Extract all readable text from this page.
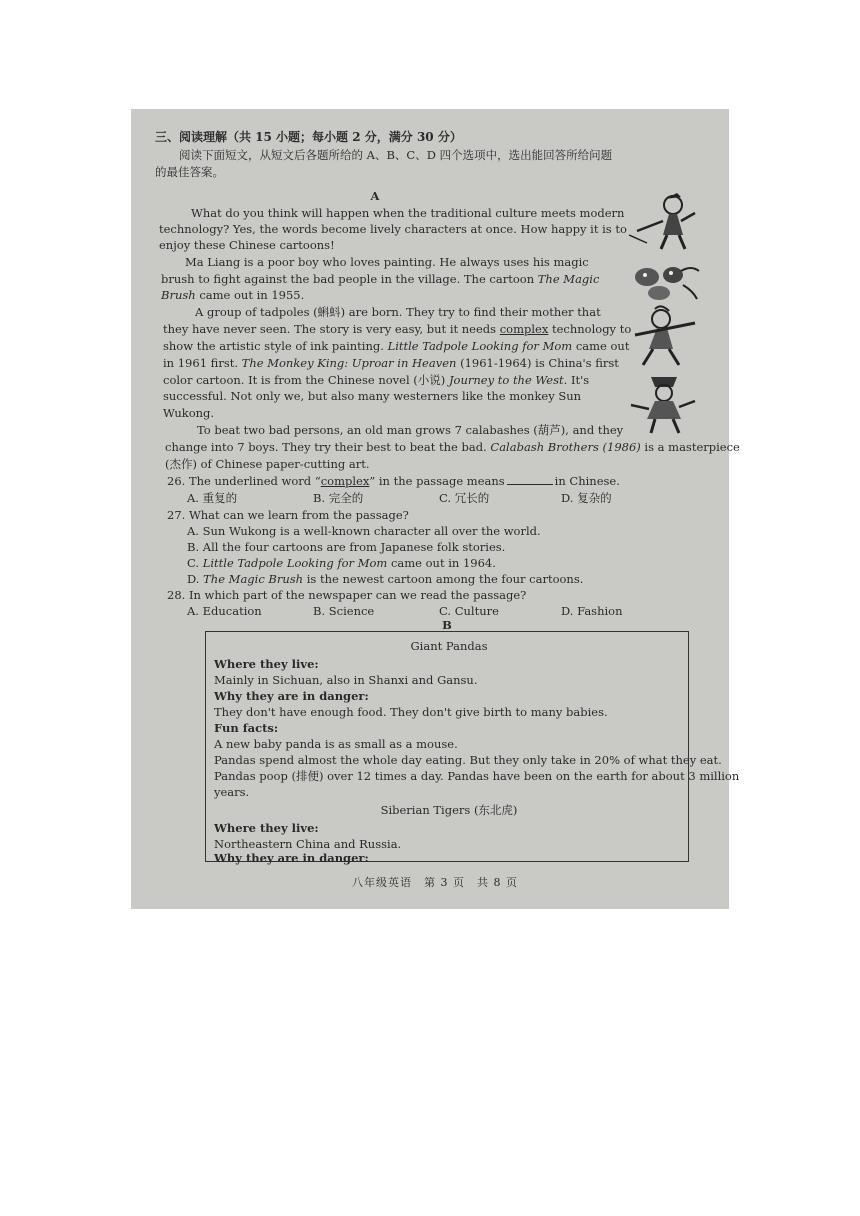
三、阅读理解（共 15 小题；每小题 2 分，满分 30 分）
阅读下面短文，从短文后各题所给的 A、B、C、D 四个选项中，选出能回答所给问题
的最佳答案。
A
What do you think will happen when the traditional culture meets modern
technology? Yes, the words become lively characters at once. How happy it is to
enjoy these Chinese cartoons!
Ma Liang is a poor boy who loves painting. He always uses his magic
brush to fight against the bad people in the village. The cartoon The Magic
Brush came out in 1955.
A group of tadpoles (蝌蚪) are born. They try to find their mother that
they have never seen. The story is very easy, but it needs complex technology to
show the artistic style of ink painting. Little Tadpole Looking for Mom came out
in 1961 first. The Monkey King: Uproar in Heaven (1961-1964) is China's first
color cartoon. It is from the Chinese novel (小说) Journey to the West. It's
successful. Not only we, but also many westerners like the monkey Sun
Wukong.
To beat two bad persons, an old man grows 7 calabashes (葫芦), and they
change into 7 boys. They try their best to beat the bad. Calabash Brothers (1986) is a masterpiece
(杰作) of Chinese paper-cutting art.
26. The underlined word “complex” in the passage means	in Chinese.
A. 重复的	B. 完全的	C. 冗长的	D. 复杂的
27. What can we learn from the passage?
A. Sun Wukong is a well-known character all over the world.
B. All the four cartoons are from Japanese folk stories.
C. Little Tadpole Looking for Mom came out in 1964.
D. The Magic Brush is the newest cartoon among the four cartoons.
28. In which part of the newspaper can we read the passage?
A. Education	B. Science	C. Culture	D. Fashion
B
Giant Pandas
Where they live:
Mainly in Sichuan, also in Shanxi and Gansu.
Why they are in danger:
They don't have enough food. They don't give birth to many babies.
Fun facts:
A new baby panda is as small as a mouse.
Pandas spend almost the whole day eating. But they only take in 20% of what they eat.
Pandas poop (排便) over 12 times a day. Pandas have been on the earth for about 3 million
years.
Siberian Tigers (东北虎)
Where they live:
Northeastern China and Russia.
Why they are in danger:
八年级英语　第 3 页　共 8 页
